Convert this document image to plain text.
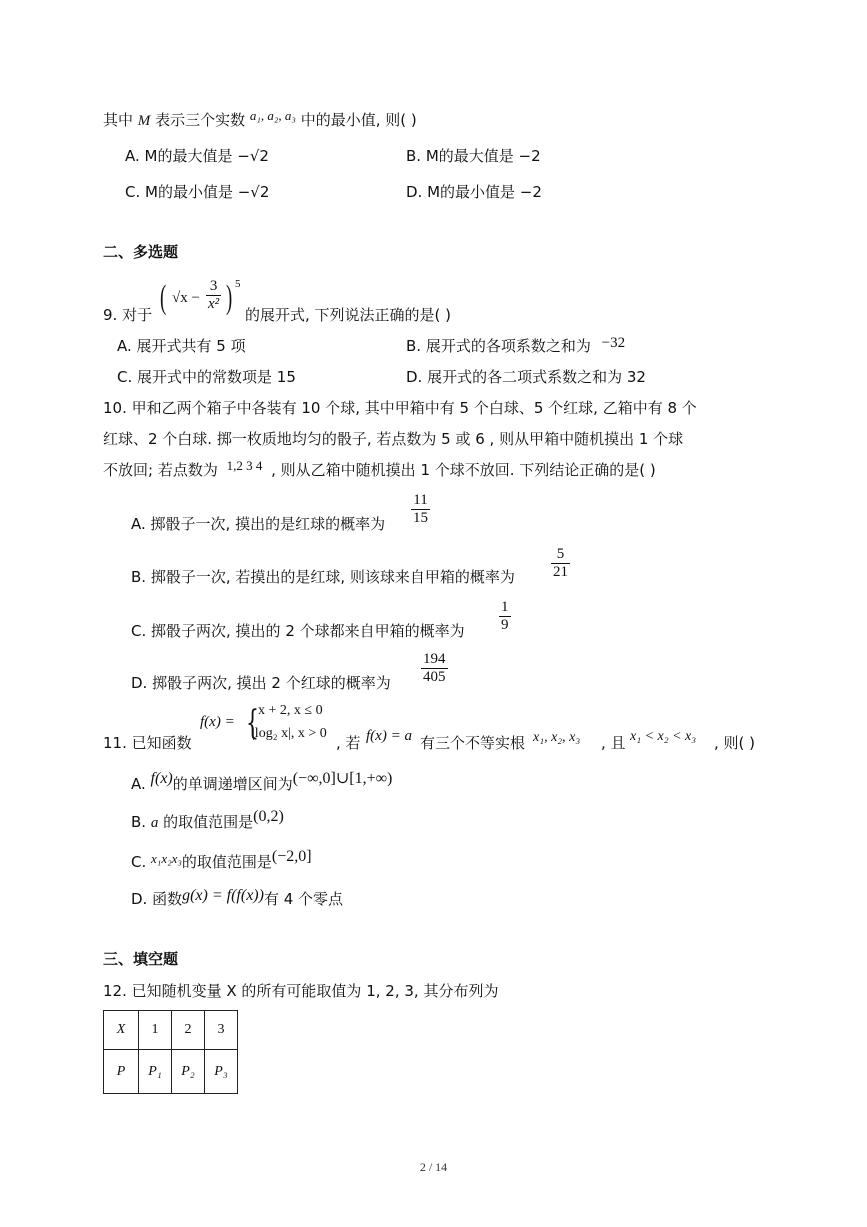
其中 M 表示三个实数 a₁, a₂, a₃ 中的最小值, 则( )
A. M的最大值是 −√2	B. M的最大值是 −2
C. M的最小值是 −√2	D. M的最小值是 −2
二、多选题
9. 对于 ( √x −
3
x² ) 5
的展开式, 下列说法正确的是( )
A. 展开式共有 5 项	B. 展开式的各项系数之和为 −32
C. 展开式中的常数项是 15	D. 展开式的各二项式系数之和为 32
10. 甲和乙两个箱子中各装有 10 个球, 其中甲箱中有 5 个白球、5 个红球, 乙箱中有 8 个
红球、2 个白球. 掷一枚质地均匀的骰子, 若点数为 5 或 6 , 则从甲箱中随机摸出 1 个球
不放回; 若点数为 1,2 3 4 , 则从乙箱中随机摸出 1 个球不放回. 下列结论正确的是( )
A. 掷骰子一次, 摸出的是红球的概率为
11
15
B. 掷骰子一次, 若摸出的是红球, 则该球来自甲箱的概率为
5
21
C. 掷骰子两次, 摸出的 2 个球都来自甲箱的概率为
1
9
D. 掷骰子两次, 摸出 2 个红球的概率为
194
405
11. 已知函数
f(x) = { x + 2, x ≤ 0
|log₂ x|, x > 0
, 若 f(x) = a 有三个不等实根 x₁, x₂, x₃ , 且 x₁ < x₂ < x₃ , 则( )
A. f(x)的单调递增区间为(−∞,0]∪[1,+∞)
B. a 的取值范围是(0,2)
C. x₁x₂x₃的取值范围是(−2,0]
D. 函数g(x) = f(f(x))有 4 个零点
三、填空题
12. 已知随机变量 X 的所有可能取值为 1, 2, 3, 其分布列为
X	1	2	3
P	P₁	P₂	P₃
2 / 14
